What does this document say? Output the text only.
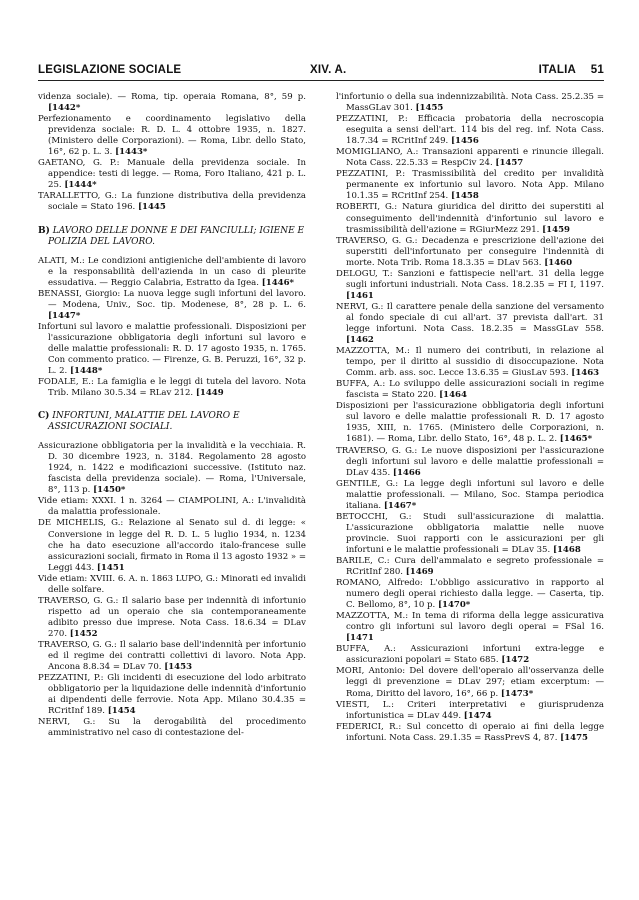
LEGISLAZIONE SOCIALE	XIV. A.	ITALIA 51

videnza sociale). — Roma, tip. operaia Romana, 8°, 59 p. [1442*

Perfezionamento e coordinamento legislativo della previdenza sociale: R. D. L. 4 ottobre 1935, n. 1827. (Ministero delle Corporazioni). — Roma, Libr. dello Stato, 16°, 62 p. L. 3. [1443*

GAETANO, G. P.: Manuale della previdenza sociale. In appendice: testi di legge. — Roma, Foro Italiano, 421 p. L. 25. [1444*

TARALLETTO, G.: La funzione distributiva della previdenza sociale = Stato 196. [1445

B) LAVORO DELLE DONNE E DEI FANCIULLI; IGIENE E POLIZIA DEL LAVORO.

ALATI, M.: Le condizioni antigieniche dell'ambiente di lavoro e la responsabilità dell'azienda in un caso di pleurite essudativa. — Reggio Calabria, Estratto da Igea. [1446*

BENASSI, Giorgio: La nuova legge sugli infortuni del lavoro. — Modena, Univ., Soc. tip. Modenese, 8°, 28 p. L. 6. [1447*

Infortuni sul lavoro e malattie professionali. Disposizioni per l'assicurazione obbligatoria degli infortuni sul lavoro e delle malattie professionali: R. D. 17 agosto 1935, n. 1765. Con commento pratico. — Firenze, G. B. Peruzzi, 16°, 32 p. L. 2. [1448*

FODALE, E.: La famiglia e le leggi di tutela del lavoro. Nota Trib. Milano 30.5.34 = RLav 212. [1449

C) INFORTUNI, MALATTIE DEL LAVORO E ASSICURAZIONI SOCIALI.

Assicurazione obbligatoria per la invalidità e la vecchiaia. R. D. 30 dicembre 1923, n. 3184. Regolamento 28 agosto 1924, n. 1422 e modificazioni successive. (Istituto naz. fascista della previdenza sociale). — Roma, l'Universale, 8°, 113 p. [1450*

Vide etiam: XXXI. 1 n. 3264 — CIAMPOLINI, A.: L'invalidità da malattia professionale.

DE MICHELIS, G.: Relazione al Senato sul d. di legge: « Conversione in legge del R. D. L. 5 luglio 1934, n. 1234 che ha dato esecuzione all'accordo italo-francese sulle assicurazioni sociali, firmato in Roma il 13 agosto 1932 » = Leggi 443. [1451

Vide etiam: XVIII. 6. A. n. 1863 LUPO, G.: Minorati ed invalidi delle solfare.

TRAVERSO, G. G.: Il salario base per indennità di infortunio rispetto ad un operaio che sia contemporaneamente adibito presso due imprese. Nota Cass. 18.6.34 = DLav 270. [1452

TRAVERSO, G. G.: Il salario base dell'indennità per infortunio ed il regime dei contratti collettivi di lavoro. Nota App. Ancona 8.8.34 = DLav 70. [1453

PEZZATINI, P.: Gli incidenti di esecuzione del lodo arbitrato obbligatorio per la liquidazione delle indennità d'infortunio ai dipendenti delle ferrovie. Nota App. Milano 30.4.35 = RCritInf 189. [1454

NERVI, G.: Su la derogabilità del procedimento amministrativo nel caso di contestazione del-

l'infortunio o della sua indennizzabilità. Nota Cass. 25.2.35 = MassGLav 301. [1455

PEZZATINI, P.: Efficacia probatoria della necroscopia eseguita a sensi dell'art. 114 bis del reg. inf. Nota Cass. 18.7.34 = RCritInf 249. [1456

MOMIGLIANO, A.: Transazioni apparenti e rinuncie illegali. Nota Cass. 22.5.33 = RespCiv 24. [1457

PEZZATINI, P.: Trasmissibilità del credito per invalidità permanente ex infortunio sul lavoro. Nota App. Milano 10.1.35 = RCritInf 254. [1458

ROBERTI, G.: Natura giuridica del diritto dei superstiti al conseguimento dell'indennità d'infortunio sul lavoro e trasmissibilità dell'azione = RGiurMezz 291. [1459

TRAVERSO, G. G.: Decadenza e prescrizione dell'azione dei superstiti dell'infortunato per conseguire l'indennità di morte. Nota Trib. Roma 18.3.35 = DLav 563. [1460

DELOGU, T.: Sanzioni e fattispecie nell'art. 31 della legge sugli infortuni industriali. Nota Cass. 18.2.35 = FI I, 1197. [1461

NERVI, G.: Il carattere penale della sanzione del versamento al fondo speciale di cui all'art. 37 prevista dall'art. 31 legge infortuni. Nota Cass. 18.2.35 = MassGLav 558. [1462

MAZZOTTA, M.: Il numero dei contributi, in relazione al tempo, per il diritto al sussidio di disoccupazione. Nota Comm. arb. ass. soc. Lecce 13.6.35 = GiusLav 593. [1463

BUFFA, A.: Lo sviluppo delle assicurazioni sociali in regime fascista = Stato 220. [1464

Disposizioni per l'assicurazione obbligatoria degli infortuni sul lavoro e delle malattie professionali R. D. 17 agosto 1935, XIII, n. 1765. (Ministero delle Corporazioni, n. 1681). — Roma, Libr. dello Stato, 16°, 48 p. L. 2. [1465*

TRAVERSO, G. G.: Le nuove disposizioni per l'assicurazione degli infortuni sul lavoro e delle malattie professionali = DLav 435. [1466

GENTILE, G.: La legge degli infortuni sul lavoro e delle malattie professionali. — Milano, Soc. Stampa periodica italiana. [1467*

BETOCCHI, G.: Studi sull'assicurazione di malattia. L'assicurazione obbligatoria malattie nelle nuove provincie. Suoi rapporti con le assicurazioni per gli infortuni e le malattie professionali = DLav 35. [1468

BARILE, C.: Cura dell'ammalato e segreto professionale = RCritInf 280. [1469

ROMANO, Alfredo: L'obbligo assicurativo in rapporto al numero degli operai richiesto dalla legge. — Caserta, tip. C. Bellomo, 8°, 10 p. [1470*

MAZZOTTA, M.: In tema di riforma della legge assicurativa contro gli infortuni sul lavoro degli operai = FSal 16. [1471

BUFFA, A.: Assicurazioni infortuni extra-legge e assicurazioni popolari = Stato 685. [1472

MORI, Antonio: Del dovere dell'operaio all'osservanza delle leggi di prevenzione = DLav 297; etiam excerptum: — Roma, Diritto del lavoro, 16°, 66 p. [1473*

VIESTI, L.: Criteri interpretativi e giurisprudenza infortunistica = DLav 449. [1474

FEDERICI, R.: Sul concetto di operaio ai fini della legge infortuni. Nota Cass. 29.1.35 = RassPrevS 4, 87. [1475
